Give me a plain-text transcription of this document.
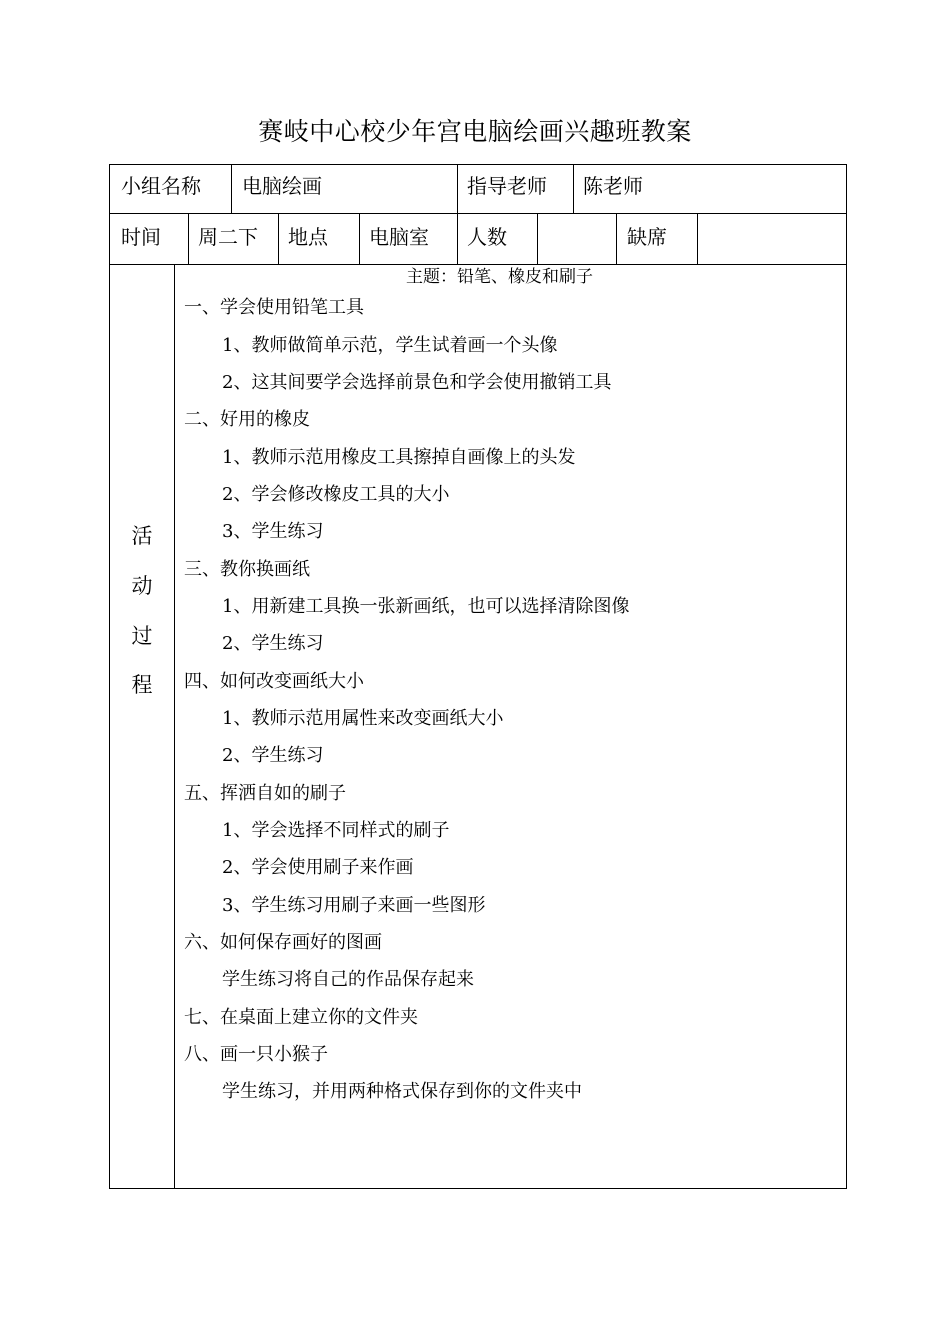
赛岐中心校少年宫电脑绘画兴趣班教案
小组名称 电脑绘画	指导老师 陈老师
时间 周二下 地点 电脑室 人数	缺席
活
动
过
程
主题：铅笔、橡皮和刷子
一、学会使用铅笔工具
1、教师做简单示范，学生试着画一个头像
2、这其间要学会选择前景色和学会使用撤销工具
二、好用的橡皮
1、教师示范用橡皮工具擦掉自画像上的头发
2、学会修改橡皮工具的大小
3、学生练习
三、教你换画纸
1、用新建工具换一张新画纸，也可以选择清除图像
2、学生练习
四、如何改变画纸大小
1、教师示范用属性来改变画纸大小
2、学生练习
五、挥洒自如的刷子
1、学会选择不同样式的刷子
2、学会使用刷子来作画
3、学生练习用刷子来画一些图形
六、如何保存画好的图画
学生练习将自己的作品保存起来
七、在桌面上建立你的文件夹
八、画一只小猴子
学生练习，并用两种格式保存到你的文件夹中
